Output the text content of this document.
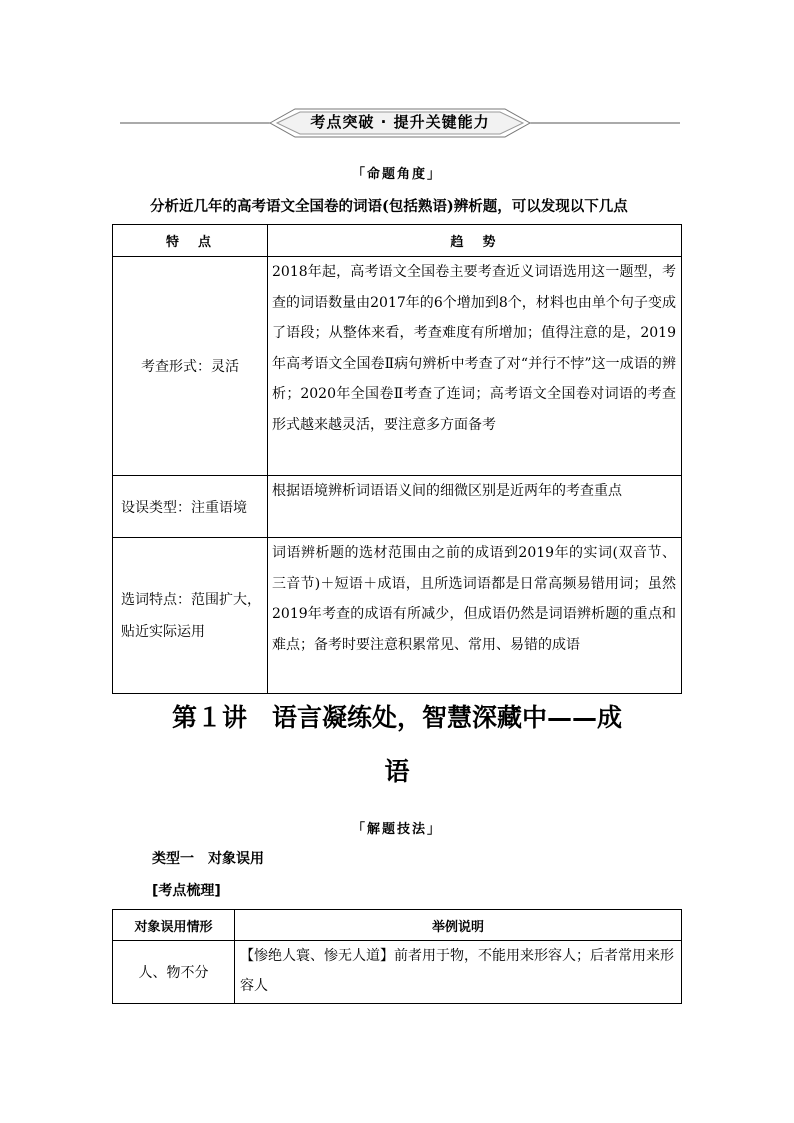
考点突破 · 提升关键能力
「命题角度」
分析近几年的高考语文全国卷的词语(包括熟语)辨析题，可以发现以下几点
特　点	趋　势
考查形式：灵活	2018年起，高考语文全国卷主要考查近义词语选用这一题型，考查的词语数量由2017年的6个增加到8个，材料也由单个句子变成了语段；从整体来看，考查难度有所增加；值得注意的是，2019年高考语文全国卷Ⅱ病句辨析中考查了对“并行不悖”这一成语的辨析；2020年全国卷Ⅱ考查了连词；高考语文全国卷对词语的考查形式越来越灵活，要注意多方面备考
设误类型：注重语境	根据语境辨析词语语义间的细微区别是近两年的考查重点
选词特点：范围扩大，贴近实际运用	词语辨析题的选材范围由之前的成语到2019年的实词(双音节、三音节)＋短语＋成语，且所选词语都是日常高频易错用词；虽然2019年考查的成语有所减少，但成语仍然是词语辨析题的重点和难点；备考时要注意积累常见、常用、易错的成语
第１讲　语言凝练处，智慧深藏中——成
语
「解题技法」
类型一　对象误用
[考点梳理]
对象误用情形	举例说明
人、物不分	【惨绝人寰、惨无人道】前者用于物，不能用来形容人；后者常用来形容人
